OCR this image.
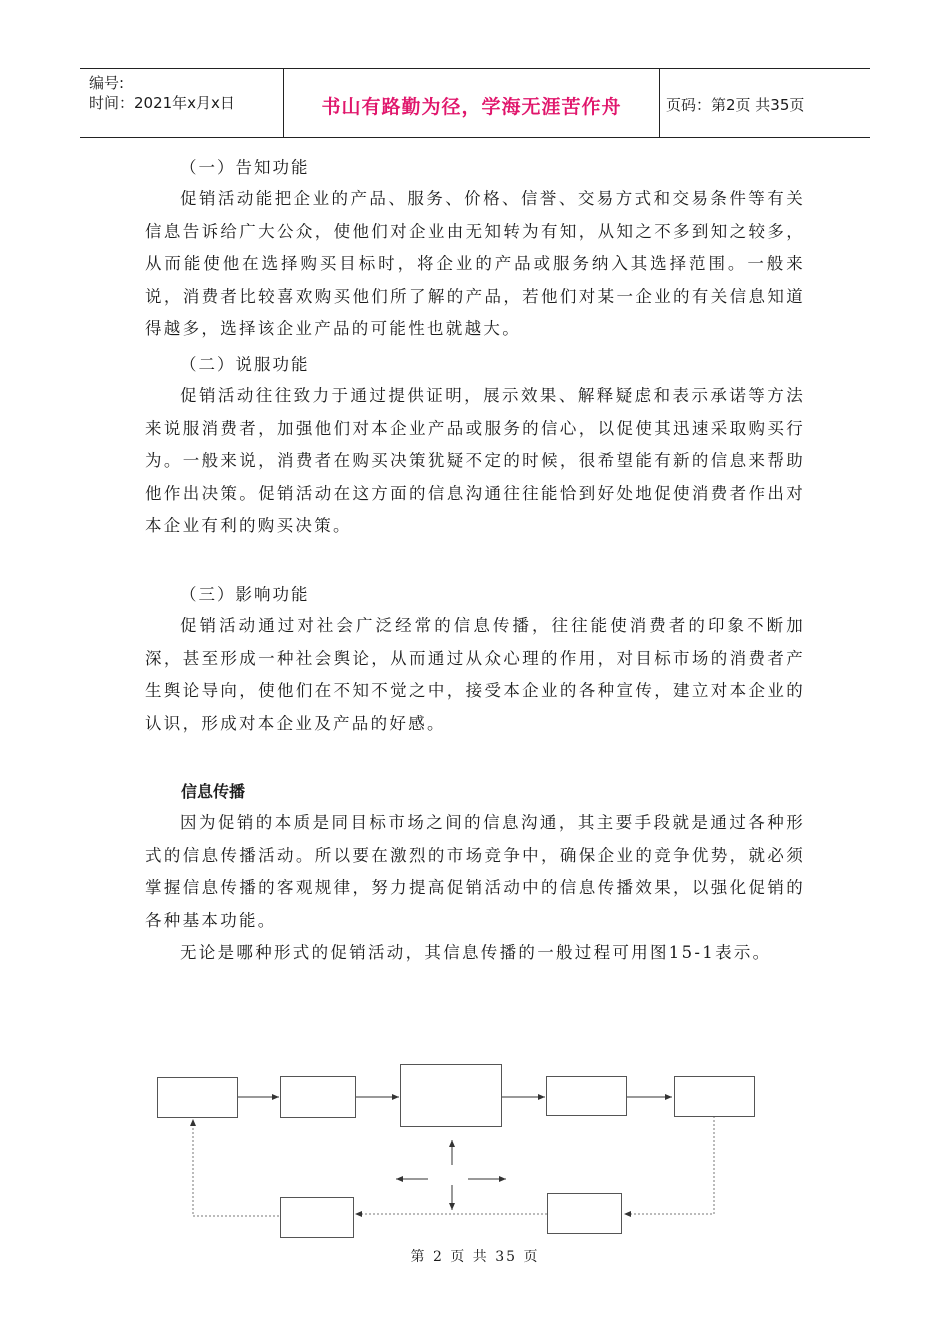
编号:
时间：2021年x月x日	书山有路勤为径，学海无涯苦作舟	页码：第2页 共35页

（一）告知功能

促销活动能把企业的产品、服务、价格、信誉、交易方式和交易条件等有关信息告诉给广大公众，使他们对企业由无知转为有知，从知之不多到知之较多，从而能使他在选择购买目标时，将企业的产品或服务纳入其选择范围。一般来说，消费者比较喜欢购买他们所了解的产品，若他们对某一企业的有关信息知道得越多，选择该企业产品的可能性也就越大。

（二）说服功能

促销活动往往致力于通过提供证明，展示效果、解释疑虑和表示承诺等方法来说服消费者，加强他们对本企业产品或服务的信心，以促使其迅速采取购买行为。一般来说，消费者在购买决策犹疑不定的时候，很希望能有新的信息来帮助他作出决策。促销活动在这方面的信息沟通往往能恰到好处地促使消费者作出对本企业有利的购买决策。

（三）影响功能

促销活动通过对社会广泛经常的信息传播，往往能使消费者的印象不断加深，甚至形成一种社会舆论，从而通过从众心理的作用，对目标市场的消费者产生舆论导向，使他们在不知不觉之中，接受本企业的各种宣传，建立对本企业的认识，形成对本企业及产品的好感。

信息传播

因为促销的本质是同目标市场之间的信息沟通，其主要手段就是通过各种形式的信息传播活动。所以要在激烈的市场竞争中，确保企业的竞争优势，就必须掌握信息传播的客观规律，努力提高促销活动中的信息传播效果，以强化促销的各种基本功能。

无论是哪种形式的促销活动，其信息传播的一般过程可用图15-1表示。

第 2 页 共 35 页
